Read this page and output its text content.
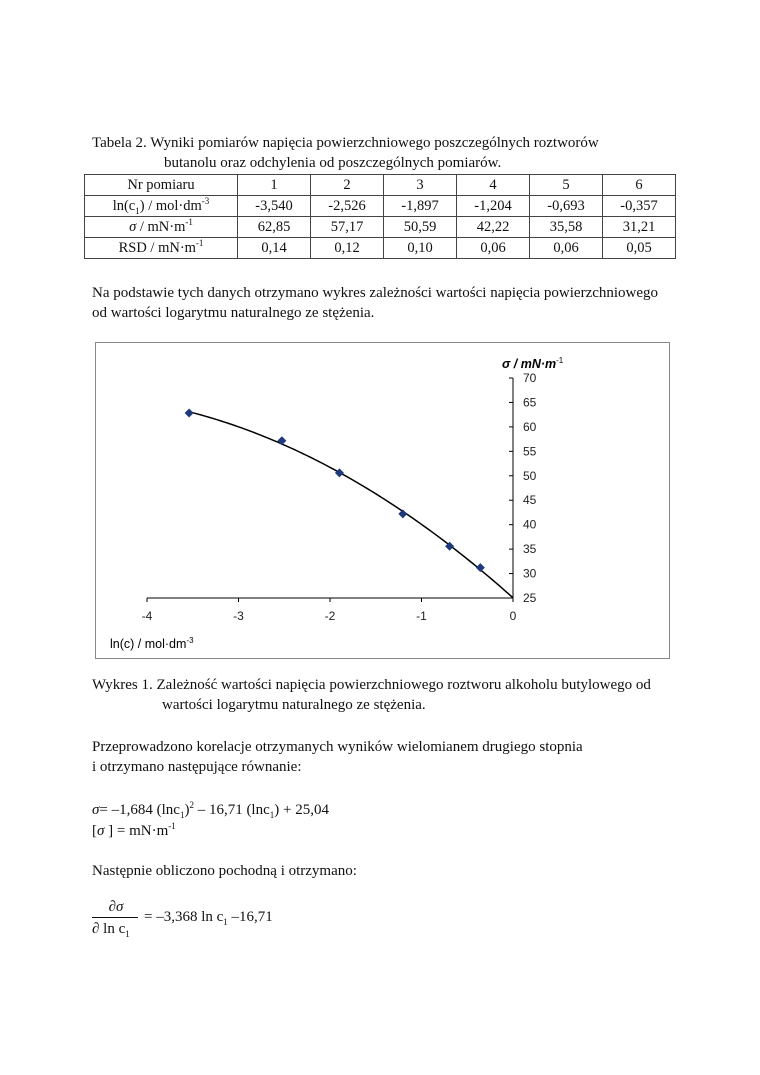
Tabela 2. Wyniki pomiarów napięcia powierzchniowego poszczególnych roztworów
butanolu oraz odchylenia od poszczególnych pomiarów.
Nr pomiaru	1	2	3	4	5	6
$\ln(c_1) / mol\cdot dm^{-3}$	-3,540	-2,526	-1,897	-1,204	-0,693	-0,357
$\sigma / mN\cdot m^{-1}$	62,85	57,17	50,59	42,22	35,58	31,21
RSD / $mN\cdot m^{-1}$	0,14	0,12	0,10	0,06	0,06	0,05
Na podstawie tych danych otrzymano wykres zależności wartości napięcia powierzchniowego
od wartości logarytmu naturalnego ze stężenia.
25
30
35
40
45
50
55
60
65
70
-4	-3	-2	-1	0
$\sigma / mN\cdot m^{-1}$
$\ln(c) / mol\cdot dm^{-3}$
Wykres 1. Zależność wartości napięcia powierzchniowego roztworu alkoholu butylowego od
wartości logarytmu naturalnego ze stężenia.
Przeprowadzono korelacje otrzymanych wyników wielomianem drugiego stopnia
i otrzymano następujące równanie:
σ= –1,684 $(\ln c_1)^2 - 16,71$ (lnc$_1$) + 25,04
[σ ] = $mN\cdot m^{-1}$
Następnie obliczono pochodną i otrzymano:
∂σ
∂ $\ln c_1$
= –3,368 $\ln c_1$ –16,71
